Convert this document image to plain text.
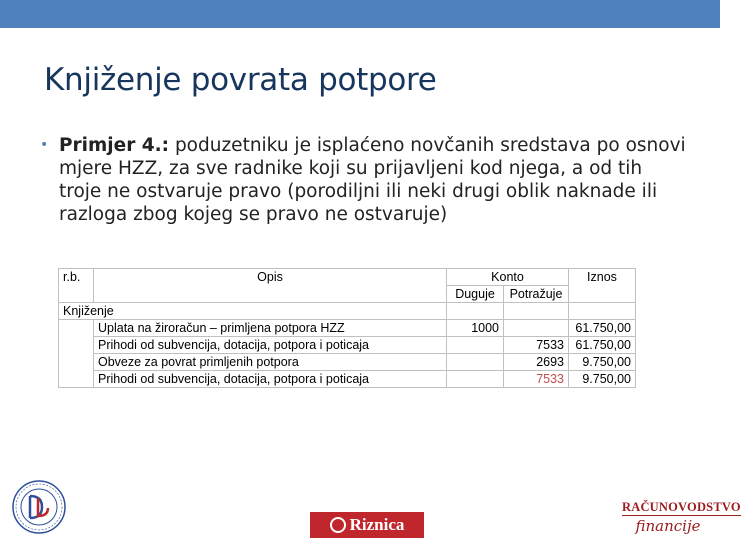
Knjiženje povrata potpore
• Primjer 4.: poduzetniku je isplaćeno novčanih sredstava po osnovi mjere HZZ, za sve radnike koji su prijavljeni kod njega, a od tih troje ne ostvaruje pravo (porodiljni ili neki drugi oblik naknade ili razloga zbog kojeg se pravo ne ostvaruje)
r.b.	Opis	Konto		Iznos
		Duguje	Potražuje	
Knjiženje				
	Uplata na žiroračun – primljena potpora HZZ	1000		61.750,00
	Prihodi od subvencija, dotacija, potpora i poticaja		7533	61.750,00
	Obveze za povrat primljenih potpora		2693	9.750,00
	Prihodi od subvencija, dotacija, potpora i poticaja		7533	9.750,00
Riznica
RAČUNOVODSTVO
financije
